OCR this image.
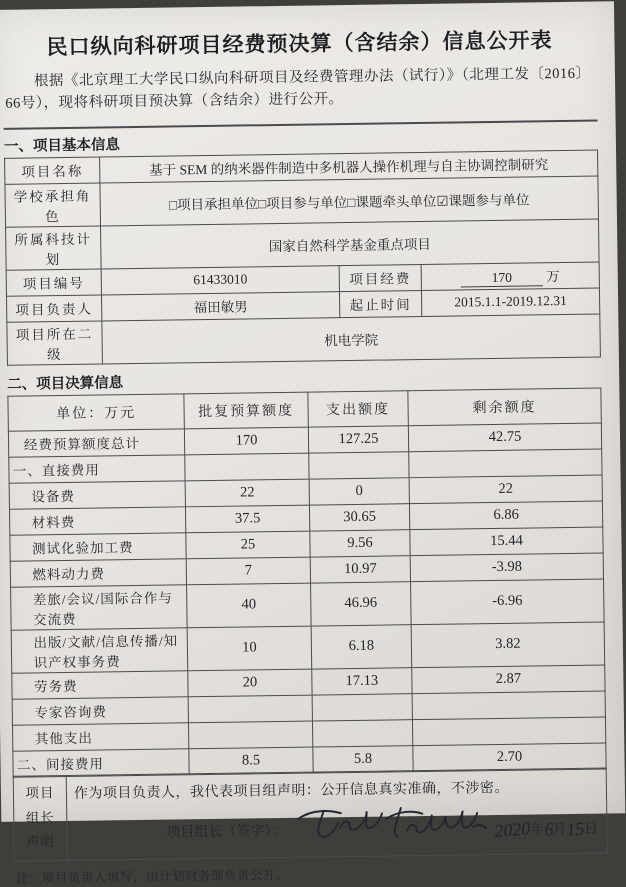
民口纵向科研项目经费预决算（含结余）信息公开表

根据《北京理工大学民口纵向科研项目及经费管理办法（试行）》（北理工发〔2016〕66号），现将科研项目预决算（含结余）进行公开。

一、项目基本信息
项目名称	基于 SEM 的纳米器件制造中多机器人操作机理与自主协调控制研究		
学校承担角色	□项目承担单位□项目参与单位□课题牵头单位☑课题参与单位		
所属科技计划	国家自然科学基金重点项目		
项目编号	61433010	项目经费	170 万
项目负责人	福田敏男	起止时间	2015.1.1-2019.12.31
项目所在二级	机电学院		
二、项目决算信息
单位：万元	批复预算额度	支出额度	剩余额度
经费预算额度总计	170	127.25	42.75
一、直接费用			
设备费	22	0	22
材料费	37.5	30.65	6.86
测试化验加工费	25	9.56	15.44
燃料动力费	7	10.97	-3.98
差旅/会议/国际合作与交流费	40	46.96	-6.96
出版/文献/信息传播/知识产权事务费	10	6.18	3.82
劳务费	20	17.13	2.87
专家咨询费			
其他支出			
二、间接费用	8.5	5.8	2.70
项目
组长
声明

作为项目负责人，我代表项目组声明：公开信息真实准确，不涉密。

项目组长（签字）：	2020 年
6 月
15 日

注：项目负责人填写，由计划财务部负责公开。
